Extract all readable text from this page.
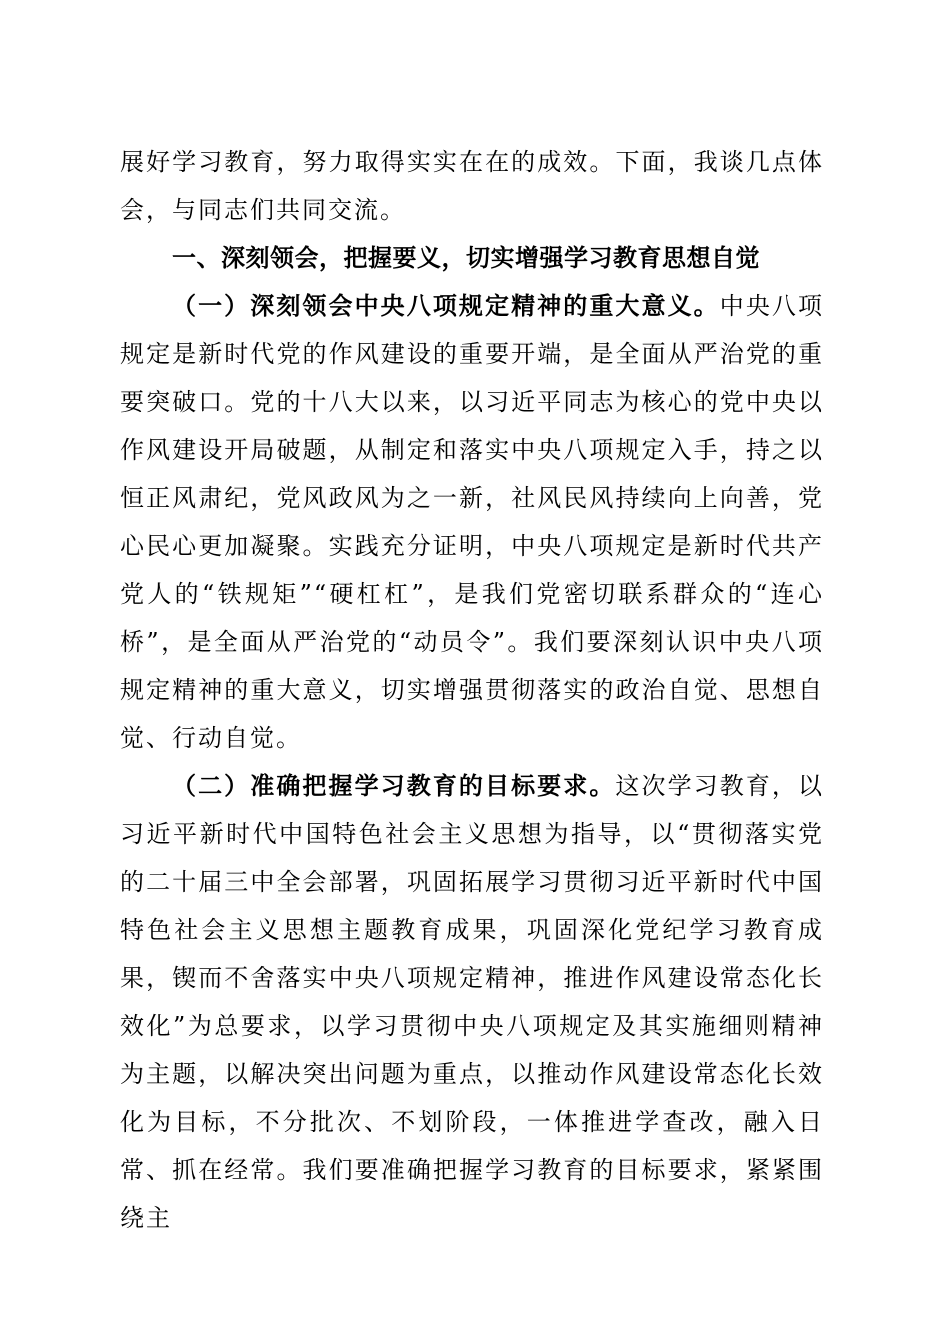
展好学习教育，努力取得实实在在的成效。下面，我谈几点体会，与同志们共同交流。

一、深刻领会，把握要义，切实增强学习教育思想自觉

（一）深刻领会中央八项规定精神的重大意义。中央八项规定是新时代党的作风建设的重要开端，是全面从严治党的重要突破口。党的十八大以来，以习近平同志为核心的党中央以作风建设开局破题，从制定和落实中央八项规定入手，持之以恒正风肃纪，党风政风为之一新，社风民风持续向上向善，党心民心更加凝聚。实践充分证明，中央八项规定是新时代共产党人的“铁规矩”“硬杠杠”，是我们党密切联系群众的“连心桥”，是全面从严治党的“动员令”。我们要深刻认识中央八项规定精神的重大意义，切实增强贯彻落实的政治自觉、思想自觉、行动自觉。

（二）准确把握学习教育的目标要求。这次学习教育，以习近平新时代中国特色社会主义思想为指导，以“贯彻落实党的二十届三中全会部署，巩固拓展学习贯彻习近平新时代中国特色社会主义思想主题教育成果，巩固深化党纪学习教育成果，锲而不舍落实中央八项规定精神，推进作风建设常态化长效化”为总要求，以学习贯彻中央八项规定及其实施细则精神为主题，以解决突出问题为重点，以推动作风建设常态化长效化为目标，不分批次、不划阶段，一体推进学查改，融入日常、抓在经常。我们要准确把握学习教育的目标要求，紧紧围绕主
